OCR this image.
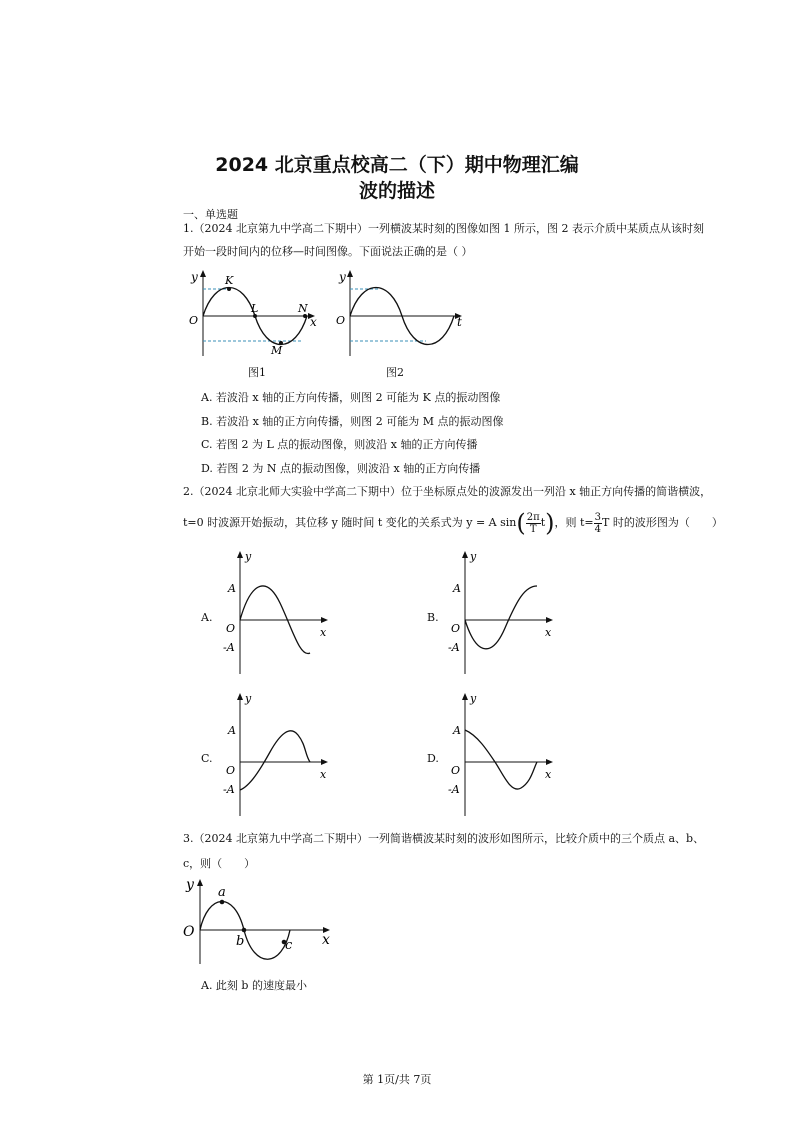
2024 北京重点校高二（下）期中物理汇编
波的描述
一、单选题
1.（2024 北京第九中学高二下期中）一列横波某时刻的图像如图 1 所示，图 2 表示介质中某质点从该时刻
开始一段时间内的位移—时间图像。下面说法正确的是（ ）
y
O	x
K
L
M
N
y
O	t
图1	图2
A. 若波沿 x 轴的正方向传播，则图 2 可能为 K 点的振动图像
B. 若波沿 x 轴的正方向传播，则图 2 可能为 M 点的振动图像
C. 若图 2 为 L 点的振动图像，则波沿 x 轴的正方向传播
D. 若图 2 为 N 点的振动图像，则波沿 x 轴的正方向传播
2.（2024 北京北师大实验中学高二下期中）位于坐标原点处的波源发出一列沿 x 轴正方向传播的简谐横波，
t=0 时波源开始振动，其位移 y 随时间 t 变化的关系式为 y = A $\sin( \frac{2\pi}{T} t)$，则 $t= \frac{3}{4}$ T 时的波形图为（　　）
A.
y
A
O
-A
x
B.
y
A
O
-A
x
C.
y
A
O
-A
x
D.
y
A
O
-A
x
3.（2024 北京第九中学高二下期中）一列简谐横波某时刻的波形如图所示，比较介质中的三个质点 a、b、
c，则（　　）
y
O	x
a
b	c
A. 此刻 b 的速度最小
第 1页/共 7页
